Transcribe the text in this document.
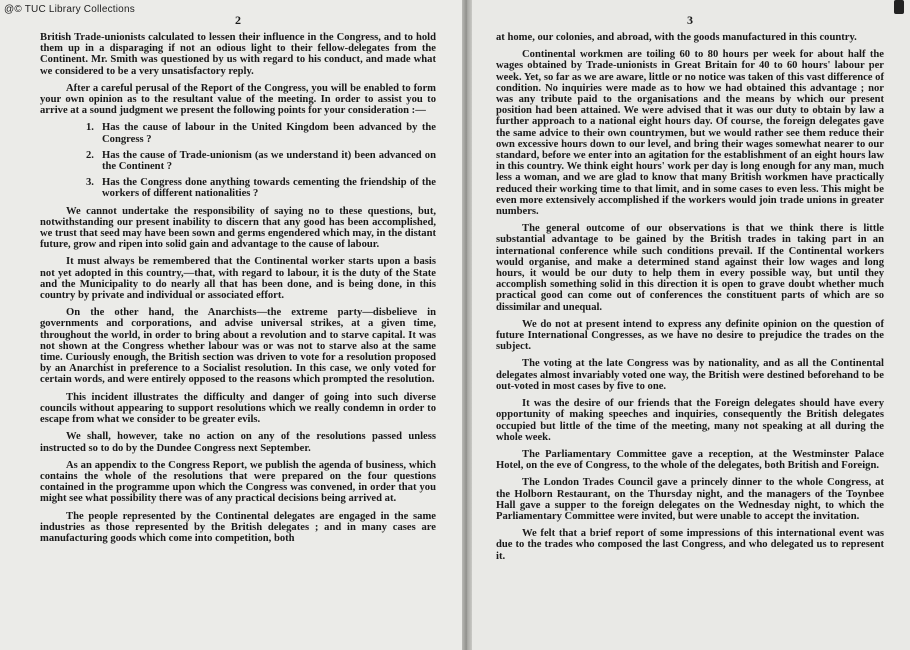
2

British Trade-unionists calculated to lessen their influence in the Congress, and to hold them up in a disparaging if not an odious light to their fellow-delegates from the Continent. Mr. Smith was questioned by us with regard to his conduct, and made what we considered to be a very unsatisfactory reply.

After a careful perusal of the Report of the Congress, you will be enabled to form your own opinion as to the resultant value of the meeting. In order to assist you to arrive at a sound judgment we present the following points for your consideration :—

1. Has the cause of labour in the United Kingdom been advanced by the Congress ?
2. Has the cause of Trade-unionism (as we understand it) been advanced on the Continent ?
3. Has the Congress done anything towards cementing the friendship of the workers of different nationalities ?

We cannot undertake the responsibility of saying no to these questions, but, notwithstanding our present inability to discern that any good has been accomplished, we trust that seed may have been sown and germs engendered which may, in the distant future, grow and ripen into solid gain and advantage to the cause of labour.

It must always be remembered that the Continental worker starts upon a basis not yet adopted in this country,—that, with regard to labour, it is the duty of the State and the Municipality to do nearly all that has been done, and is being done, in this country by private and individual or associated effort.

On the other hand, the Anarchists—the extreme party—disbelieve in governments and corporations, and advise universal strikes, at a given time, throughout the world, in order to bring about a revolution and to starve capital. It was not shown at the Congress whether labour was or was not to starve also at the same time. Curiously enough, the British section was driven to vote for a resolution proposed by an Anarchist in preference to a Socialist resolution. In this case, we only voted for certain words, and were entirely opposed to the reasons which prompted the resolution.

This incident illustrates the difficulty and danger of going into such diverse councils without appearing to support resolutions which we really condemn in order to escape from what we consider to be greater evils.

We shall, however, take no action on any of the resolutions passed unless instructed so to do by the Dundee Congress next September.

As an appendix to the Congress Report, we publish the agenda of business, which contains the whole of the resolutions that were prepared on the four questions contained in the programme upon which the Congress was convened, in order that you might see what possibility there was of any practical decisions being arrived at.

The people represented by the Continental delegates are engaged in the same industries as those represented by the British delegates ; and in many cases are manufacturing goods which come into competition, both

3

at home, our colonies, and abroad, with the goods manufactured in this country.

Continental workmen are toiling 60 to 80 hours per week for about half the wages obtained by Trade-unionists in Great Britain for 40 to 60 hours' labour per week. Yet, so far as we are aware, little or no notice was taken of this vast difference of condition. No inquiries were made as to how we had obtained this advantage ; nor was any tribute paid to the organisations and the means by which our present position had been attained. We were advised that it was our duty to obtain by law a further approach to a national eight hours day. Of course, the foreign delegates gave the same advice to their own countrymen, but we would rather see them reduce their own excessive hours down to our level, and bring their wages somewhat nearer to our standard, before we enter into an agitation for the establishment of an eight hours law in this country. We think eight hours' work per day is long enough for any man, much less a woman, and we are glad to know that many British workmen have practically reduced their working time to that limit, and in some cases to even less. This might be even more extensively accomplished if the workers would join trade unions in greater numbers.

The general outcome of our observations is that we think there is little substantial advantage to be gained by the British trades in taking part in an international conference while such conditions prevail. If the Continental workers would organise, and make a determined stand against their low wages and long hours, it would be our duty to help them in every possible way, but until they accomplish something solid in this direction it is open to grave doubt whether much practical good can come out of conferences the constituent parts of which are so dissimilar and unequal.

We do not at present intend to express any definite opinion on the question of future International Congresses, as we have no desire to prejudice the trades on the subject.

The voting at the late Congress was by nationality, and as all the Continental delegates almost invariably voted one way, the British were destined beforehand to be out-voted in most cases by five to one.

It was the desire of our friends that the Foreign delegates should have every opportunity of making speeches and inquiries, consequently the British delegates occupied but little of the time of the meeting, many not speaking at all during the whole week.

The Parliamentary Committee gave a reception, at the Westminster Palace Hotel, on the eve of Congress, to the whole of the delegates, both British and Foreign.

The London Trades Council gave a princely dinner to the whole Congress, at the Holborn Restaurant, on the Thursday night, and the managers of the Toynbee Hall gave a supper to the foreign delegates on the Wednesday night, to which the Parliamentary Committee were invited, but were unable to accept the invitation.

We felt that a brief report of some impressions of this international event was due to the trades who composed the last Congress, and who delegated us to represent it.

@© TUC Library Collections
